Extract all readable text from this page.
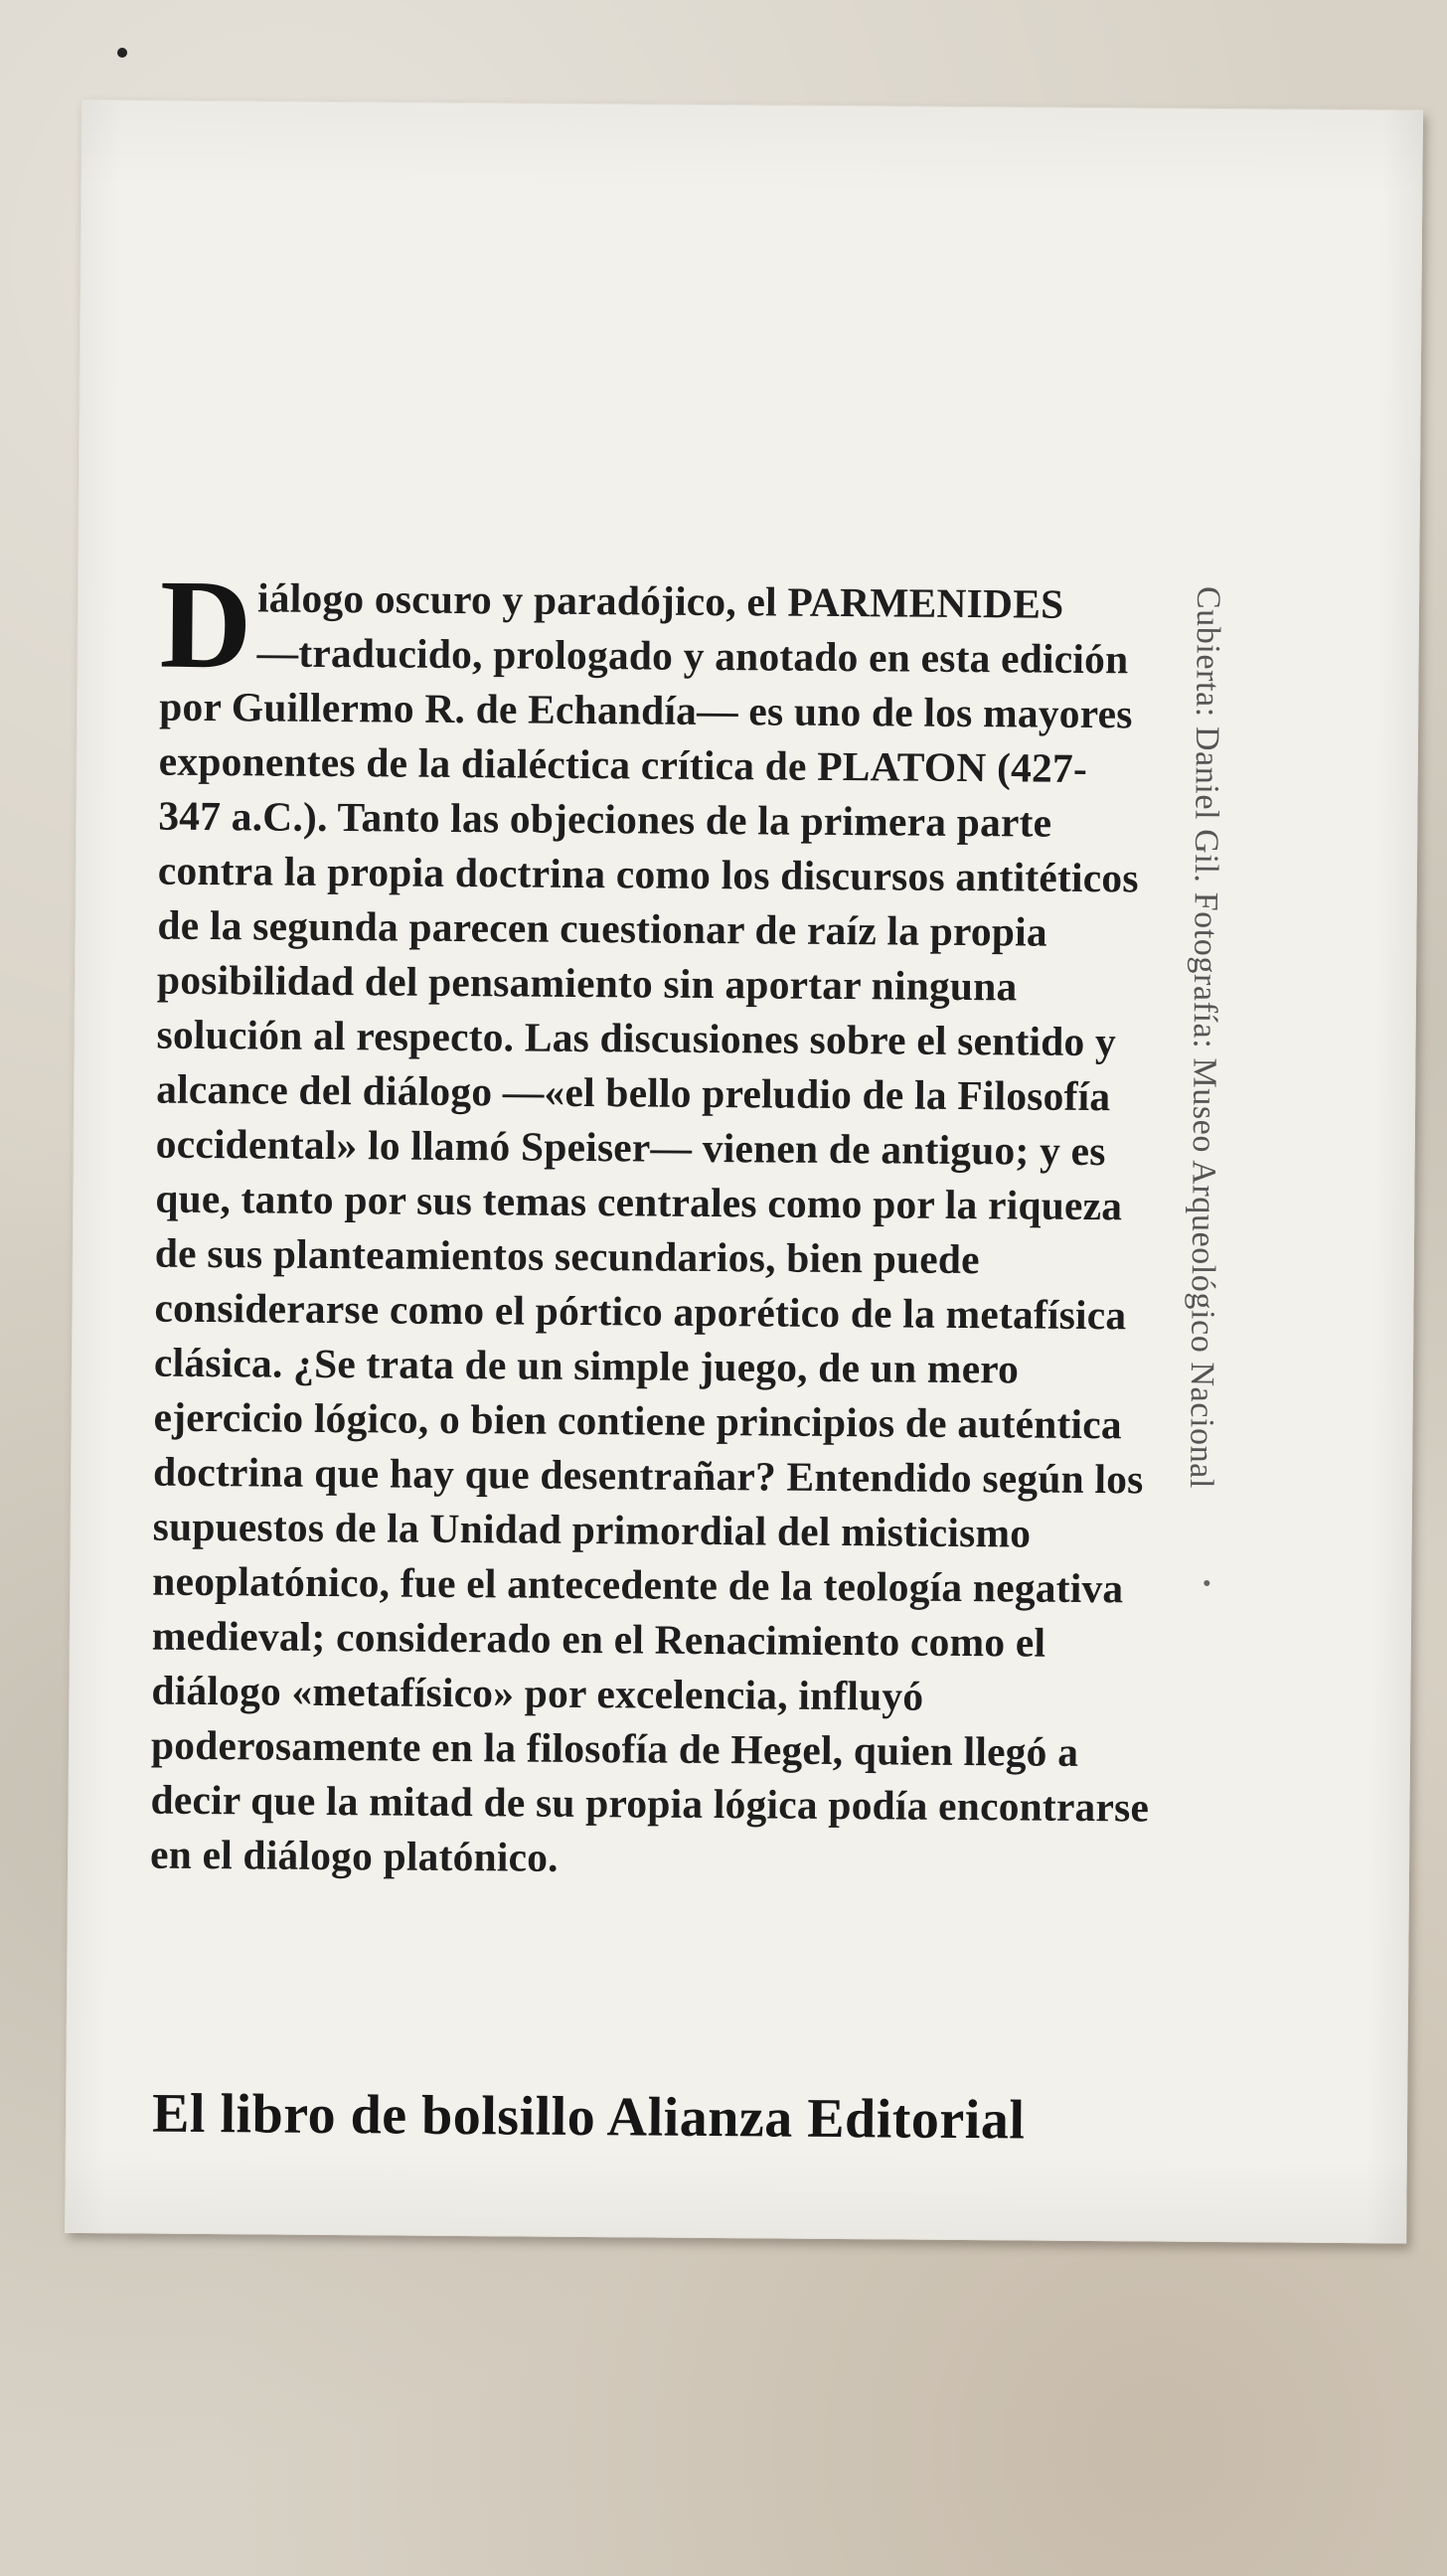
D iálogo oscuro y paradójico, el PARMENIDES
—traducido, prologado y anotado en esta edición
por Guillermo R. de Echandía— es uno de los mayores
exponentes de la dialéctica crítica de PLATON (427-
347 a.C.). Tanto las objeciones de la primera parte
contra la propia doctrina como los discursos antitéticos
de la segunda parecen cuestionar de raíz la propia
posibilidad del pensamiento sin aportar ninguna
solución al respecto. Las discusiones sobre el sentido y
alcance del diálogo —«el bello preludio de la Filosofía
occidental» lo llamó Speiser— vienen de antiguo; y es
que, tanto por sus temas centrales como por la riqueza
de sus planteamientos secundarios, bien puede
considerarse como el pórtico aporético de la metafísica
clásica. ¿Se trata de un simple juego, de un mero
ejercicio lógico, o bien contiene principios de auténtica
doctrina que hay que desentrañar? Entendido según los
supuestos de la Unidad primordial del misticismo
neoplatónico, fue el antecedente de la teología negativa
medieval; considerado en el Renacimiento como el
diálogo «metafísico» por excelencia, influyó
poderosamente en la filosofía de Hegel, quien llegó a
decir que la mitad de su propia lógica podía encontrarse
en el diálogo platónico.
Cubierta: Daniel Gil. Fotografía: Museo Arqueológico Nacional
El libro de bolsillo Alianza Editorial
